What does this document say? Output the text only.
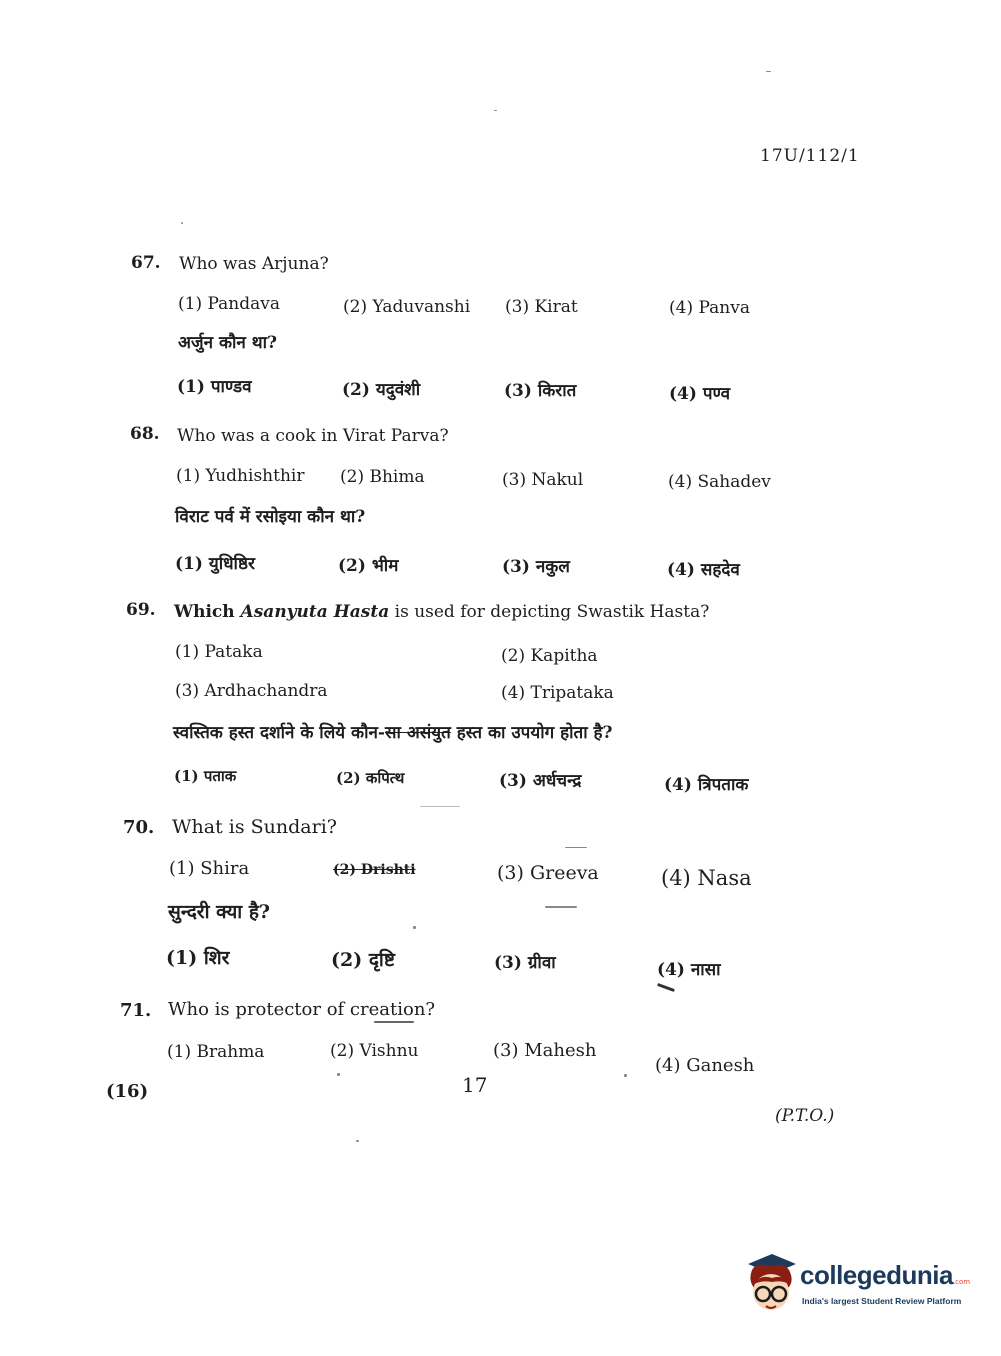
17U/112/1
67. Who was Arjuna?
(1) Pandava	(2) Yaduvanshi (3) Kirat	(4) Panva
अर्जुन कौन था?
(1) पाण्डव	(2) यदुवंशी	(3) किरात	(4) पण्व
68. Who was a cook in Virat Parva?
(1) Yudhishthir (2) Bhima	(3) Nakul	(4) Sahadev
विराट पर्व में रसोइया कौन था?
(1) युधिष्ठिर	(2) भीम	(3) नकुल	(4) सहदेव
69. Which Asanyuta Hasta is used for depicting Swastik Hasta?
(1) Pataka	(2) Kapitha
(3) Ardhachandra	(4) Tripataka
स्वस्तिक हस्त दर्शाने के लिये कौन-सा असंयुत हस्त का उपयोग होता है?
(1) पताक	(2) कपित्थ	(3) अर्धचन्द्र	(4) त्रिपताक
70. What is Sundari?
(1) Shira	(2) Drishti	(3) Greeva	(4) Nasa
सुन्दरी क्या है?
(1) शिर	(2) दृष्टि	(3) ग्रीवा	(4) नासा
71. Who is protector of creation?
(1) Brahma	(2) Vishnu	(3) Mahesh
(4) Ganesh
(16)	17
(P.T.O.)
collegedunia.com
India's largest Student Review Platform
